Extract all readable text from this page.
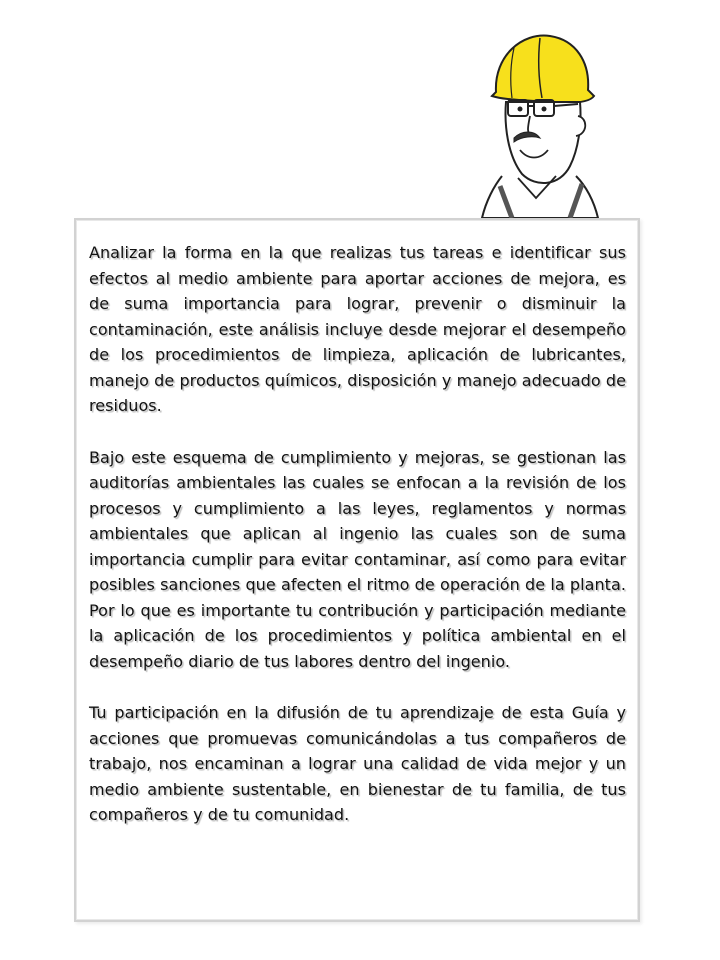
Analizar la forma en la que realizas tus tareas e identificar sus efectos al medio ambiente para aportar acciones de mejora, es de suma importancia para lograr, prevenir o disminuir la contaminación, este análisis incluye desde mejorar el desempeño de los procedimientos de limpieza, aplicación de lubricantes, manejo de productos químicos, disposición y manejo adecuado de residuos.

Bajo este esquema de cumplimiento y mejoras, se gestionan las auditorías ambientales las cuales se enfocan a la revisión de los procesos y cumplimiento a las leyes, reglamentos y normas ambientales que aplican al ingenio las cuales son de suma importancia cumplir para evitar contaminar, así como para evitar posibles sanciones que afecten el ritmo de operación de la planta. Por lo que es importante tu contribución y participación mediante la aplicación de los procedimientos y política ambiental en el desempeño diario de tus labores dentro del ingenio.

Tu participación en la difusión de tu aprendizaje de esta Guía y acciones que promuevas comunicándolas a tus compañeros de trabajo, nos encaminan a lograr una calidad de vida mejor y un medio ambiente sustentable, en bienestar de tu familia, de tus compañeros y de tu comunidad.
